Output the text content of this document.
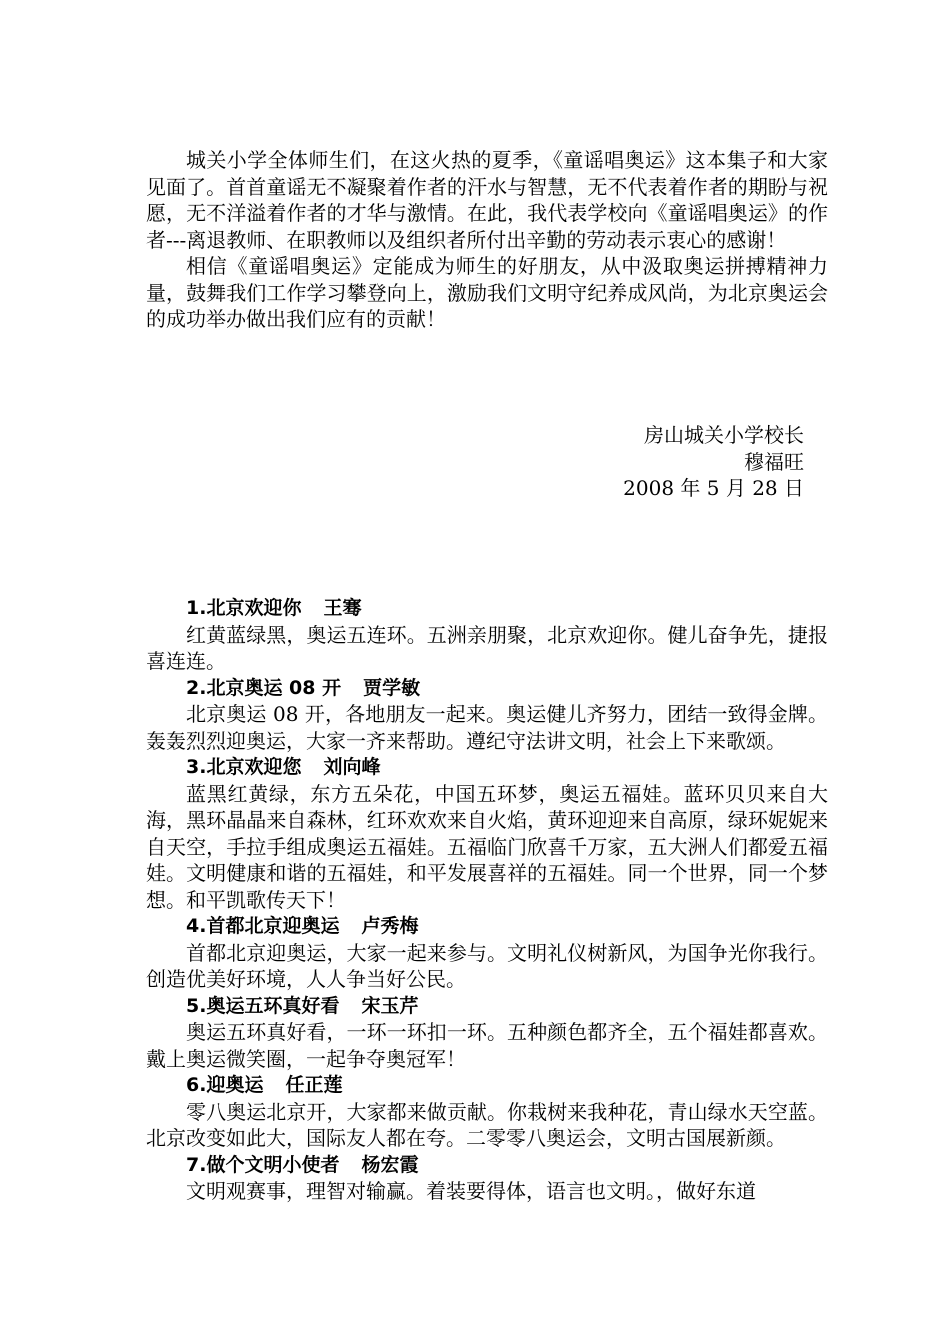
城关小学全体师生们，在这火热的夏季，《童谣唱奥运》这本集子和大家见面了。首首童谣无不凝聚着作者的汗水与智慧，无不代表着作者的期盼与祝愿，无不洋溢着作者的才华与激情。在此，我代表学校向《童谣唱奥运》的作者---离退教师、在职教师以及组织者所付出辛勤的劳动表示衷心的感谢！

相信《童谣唱奥运》定能成为师生的好朋友，从中汲取奥运拼搏精神力量，鼓舞我们工作学习攀登向上，激励我们文明守纪养成风尚，为北京奥运会的成功举办做出我们应有的贡献！

房山城关小学校长
穆福旺
2008 年 5 月 28 日

1.北京欢迎你 王骞

红黄蓝绿黑，奥运五连环。五洲亲朋聚，北京欢迎你。健儿奋争先，捷报喜连连。

2.北京奥运 08 开 贾学敏

北京奥运 08 开，各地朋友一起来。奥运健儿齐努力，团结一致得金牌。轰轰烈烈迎奥运，大家一齐来帮助。遵纪守法讲文明，社会上下来歌颂。

3.北京欢迎您 刘向峰

蓝黑红黄绿，东方五朵花，中国五环梦，奥运五福娃。蓝环贝贝来自大海，黑环晶晶来自森林，红环欢欢来自火焰，黄环迎迎来自高原，绿环妮妮来自天空，手拉手组成奥运五福娃。五福临门欣喜千万家，五大洲人们都爱五福娃。文明健康和谐的五福娃，和平发展喜祥的五福娃。同一个世界，同一个梦想。和平凯歌传天下！

4.首都北京迎奥运 卢秀梅

首都北京迎奥运，大家一起来参与。文明礼仪树新风，为国争光你我行。创造优美好环境，人人争当好公民。

5.奥运五环真好看 宋玉芹

奥运五环真好看，一环一环扣一环。五种颜色都齐全，五个福娃都喜欢。戴上奥运微笑圈，一起争夺奥冠军！

6.迎奥运 任正莲

零八奥运北京开，大家都来做贡献。你栽树来我种花，青山绿水天空蓝。北京改变如此大，国际友人都在夸。二零零八奥运会，文明古国展新颜。

7.做个文明小使者 杨宏霞

文明观赛事，理智对输赢。着装要得体，语言也文明。，做好东道
